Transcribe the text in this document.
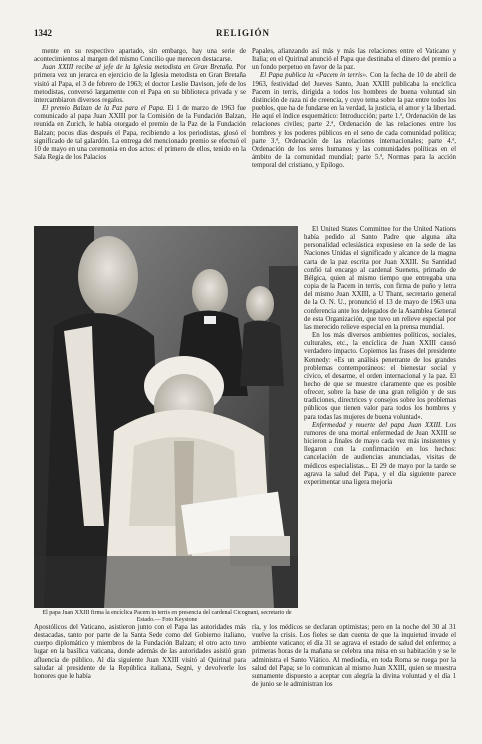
1342	RELIGIÓN

mente en su respectivo apartado, sin embargo, hay una serie de acontecimientos al margen del mismo Concilio que merecen destacarse.

Juan XXIII recibe al jefe de la Iglesia metodista en Gran Bretaña. Por primera vez un jerarca en ejercicio de la Iglesia metodista en Gran Bretaña visitó al Papa, el 3 de febrero de 1963; el doctor Leslie Davison, jefe de los metodistas, conversó largamente con el Papa en su biblioteca privada y se intercambiaron diversos regalos.

El premio Balzan de la Paz para el Papa. El 1 de marzo de 1963 fue comunicado al papa Juan XXIII por la Comisión de la Fundación Balzan, reunida en Zurich, le había otorgado el premio de la Paz de la Fundación Balzan; pocos días después el Papa, recibiendo a los periodistas, glosó el significado de tal galardón. La entrega del mencionado premio se efectuó el 10 de mayo en una ceremonia en dos actos: el primero de ellos, tenido en la Sala Regia de los Palacios

Papales, afianzando así más y más las relaciones entre el Vaticano y Italia; en el Quirinal anunció el Papa que destinaba el dinero del premio a un fondo perpetuo en favor de la paz.

El Papa publica la «Pacem in terris». Con la fecha de 10 de abril de 1963, festividad del Jueves Santo, Juan XXIII publicaba la encíclica Pacem in terris, dirigida a todos los hombres de buena voluntad sin distinción de raza ni de creencia, y cuyo tema sobre la paz entre todos los pueblos, que ha de fundarse en la verdad, la justicia, el amor y la libertad. He aquí el índice esquemático: Introducción; parte 1.ª, Ordenación de las relaciones civiles; parte 2.ª, Ordenación de las relaciones entre los hombres y los poderes públicos en el seno de cada comunidad política; parte 3.ª, Ordenación de las relaciones internacionales; parte 4.ª, Ordenación de los seres humanos y las comunidades políticas en el ámbito de la comunidad mundial; parte 5.ª, Normas para la acción temporal del cristiano, y Epílogo.

El papa Juan XXIII firma la encíclica Pacem in terris en presencia del cardenal Cicognani, secretario de Estado.— Foto Keystone

El United States Committee for the United Nations había pedido al Santo Padre que alguna alta personalidad eclesiástica expusiese en la sede de las Naciones Unidas el significado y alcance de la magna carta de la paz escrita por Juan XXIII. Su Santidad confió tal encargo al cardenal Suenens, primado de Bélgica, quien al mismo tiempo que entregaba una copia de la Pacem in terris, con firma de puño y letra del mismo Juan XXIII, a U Thant, secretario general de la O. N. U., pronunció el 13 de mayo de 1963 una conferencia ante los delegados de la Asamblea General de esta Organización, que tuvo un relieve especial por las merecido relieve especial en la prensa mundial.

En los más diversos ambientes políticos, sociales, culturales, etc., la encíclica de Juan XXIII causó verdadero impacto. Copiemos las frases del presidente Kennedy: «Es un análisis penetrante de los grandes problemas contemporáneos: el bienestar social y cívico, el desarme, el orden internacional y la paz. El hecho de que se muestre claramente que es posible ofrecer, sobre la base de una gran religión y de sus tradiciones, directrices y consejos sobre los problemas públicos que tienen valor para todos los hombres y para todas las mujeres de buena voluntad».

Enfermedad y muerte del papa Juan XXIII. Los rumores de una mortal enfermedad de Juan XXIII se hicieron a finales de mayo cada vez más insistentes y llegaron con la confirmación en los hechos: cancelación de audiencias anunciadas, visitas de médicos especialistas... El 29 de mayo por la tarde se agrava la salud del Papa, y el día siguiente parece experimentar una ligera mejoría

Apostólicos del Vaticano, asistieron junto con el Papa las autoridades más destacadas, tanto por parte de la Santa Sede como del Gobierno italiano, cuerpo diplomático y miembros de la Fundación Balzan; el otro acto tuvo lugar en la basílica vaticana, donde además de las autoridades asistió gran afluencia de público. Al día siguiente Juan XXIII visitó al Quirinal para saludar al presidente de la República italiana, Segni, y devolverle los honores que le había

ría, y los médicos se declaran optimistas; pero en la noche del 30 al 31 vuelve la crisis. Los fieles se dan cuenta de que la inquietud invade el ambiente vaticano; el día 31 se agrava el estado de salud del enfermo; a primeras horas de la mañana se celebra una misa en su habitación y se le administra el Santo Viático. Al mediodía, en toda Roma se ruega por la salud del Papa; se lo comunican al mismo Juan XXIII, quien se muestra sumamente dispuesto a aceptar con alegría la divina voluntad y el día 1 de junio se le administran los
